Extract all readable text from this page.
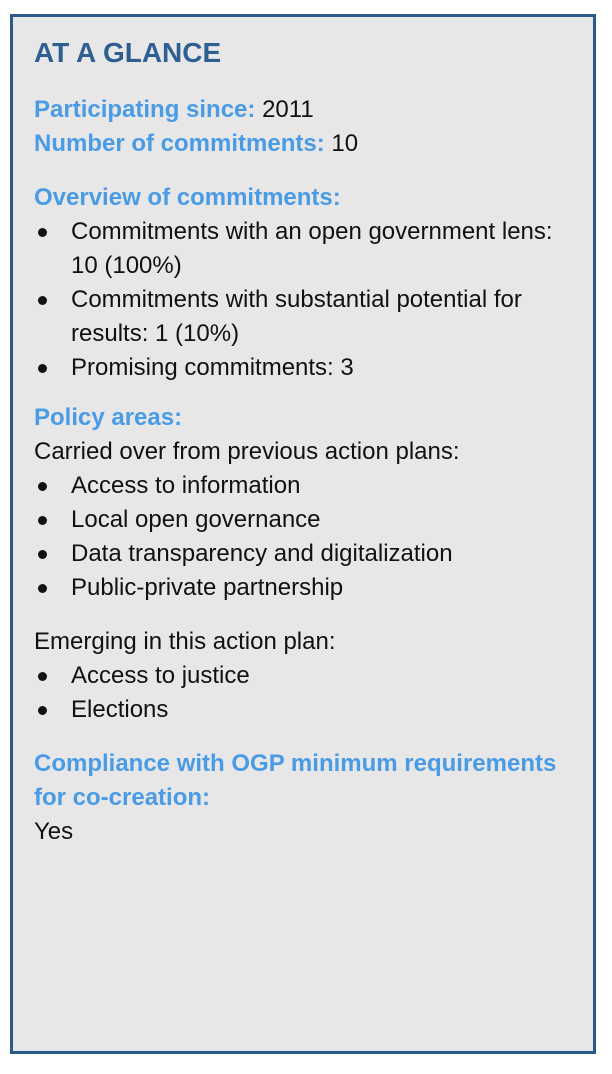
AT A GLANCE

Participating since: 2011

Number of commitments: 10

Overview of commitments:

Commitments with an open government lens: 10 (100%)
Commitments with substantial potential for results: 1 (10%)
Promising commitments: 3

Policy areas:

Carried over from previous action plans:

Access to information
Local open governance
Data transparency and digitalization
Public-private partnership

Emerging in this action plan:

Access to justice
Elections

Compliance with OGP minimum requirements for co-creation:

Yes
